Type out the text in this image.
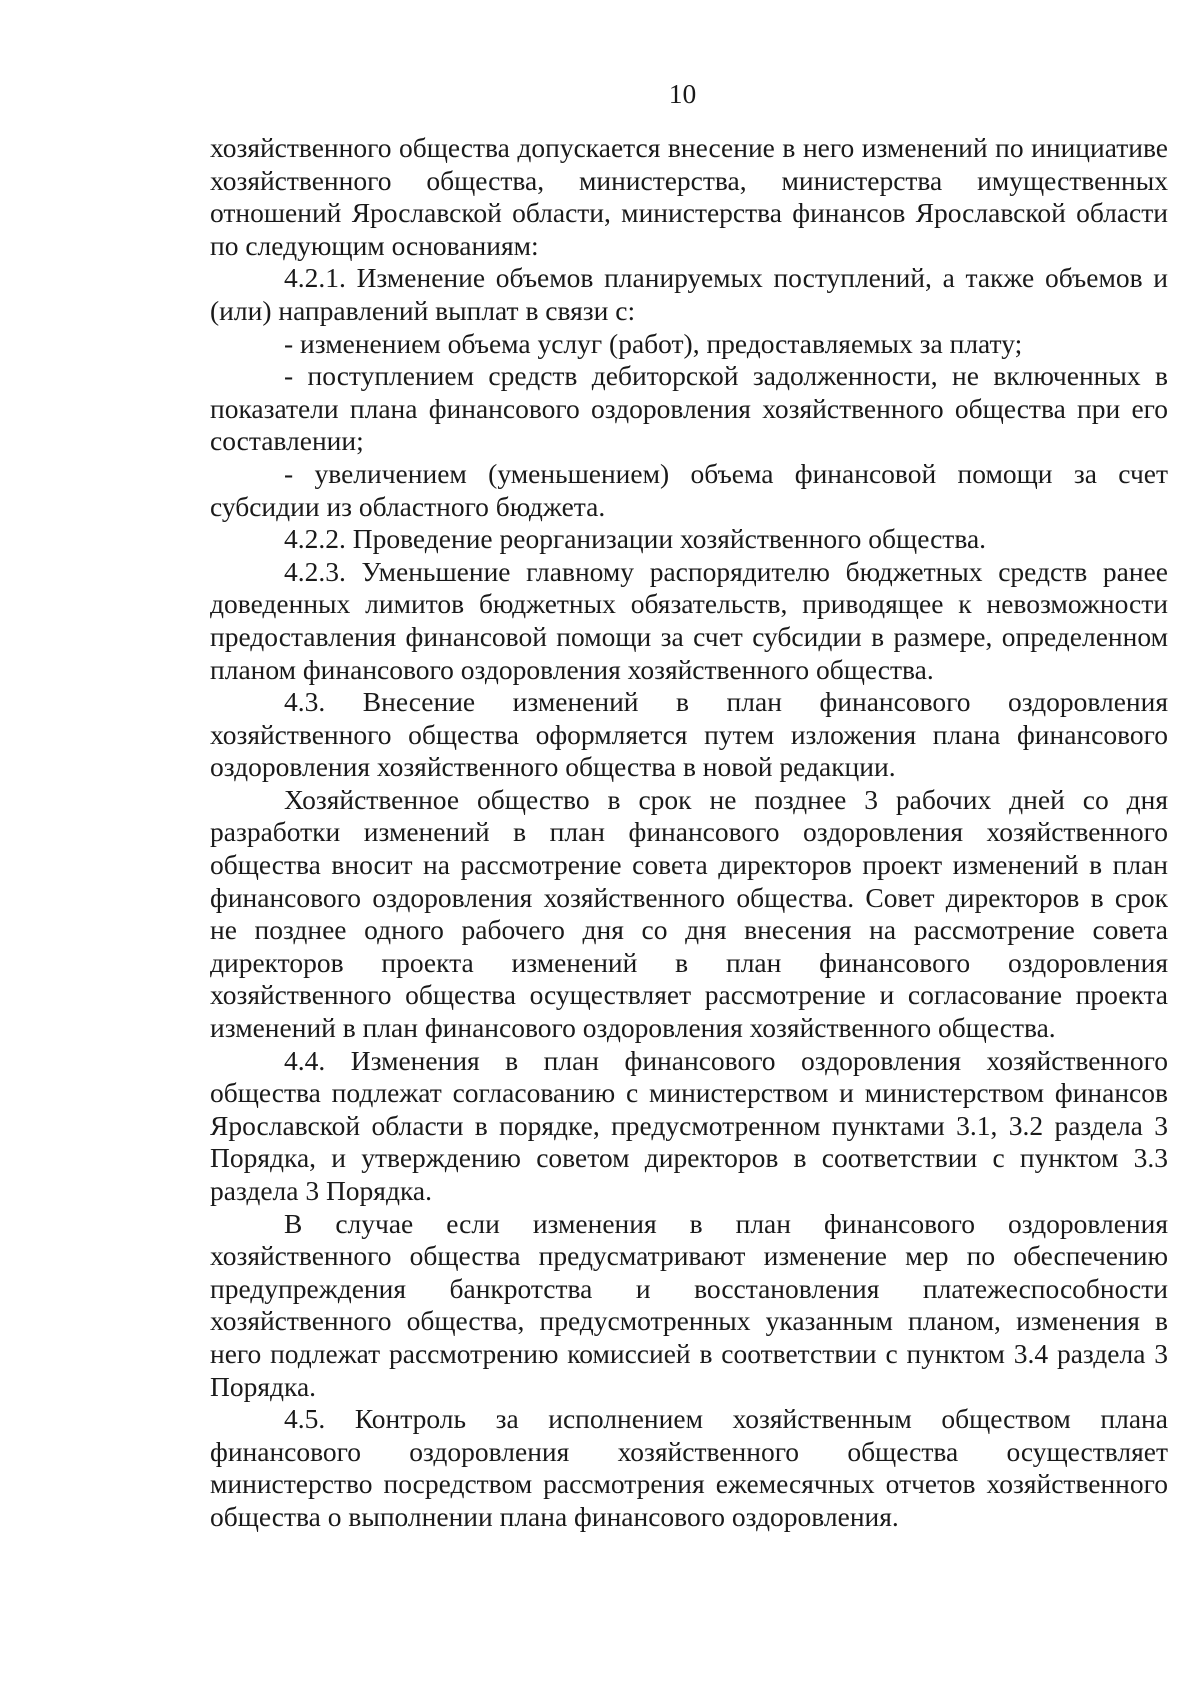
10

хозяйственного общества допускается внесение в него изменений по инициативе хозяйственного общества, министерства, министерства имущественных отношений Ярославской области, министерства финансов Ярославской области по следующим основаниям:

4.2.1. Изменение объемов планируемых поступлений, а также объемов и (или) направлений выплат в связи с:

- изменением объема услуг (работ), предоставляемых за плату;

- поступлением средств дебиторской задолженности, не включенных в показатели плана финансового оздоровления хозяйственного общества при его составлении;

- увеличением (уменьшением) объема финансовой помощи за счет субсидии из областного бюджета.

4.2.2. Проведение реорганизации хозяйственного общества.

4.2.3. Уменьшение главному распорядителю бюджетных средств ранее доведенных лимитов бюджетных обязательств, приводящее к невозможности предоставления финансовой помощи за счет субсидии в размере, определенном планом финансового оздоровления хозяйственного общества.

4.3. Внесение изменений в план финансового оздоровления хозяйственного общества оформляется путем изложения плана финансового оздоровления хозяйственного общества в новой редакции.

Хозяйственное общество в срок не позднее 3 рабочих дней со дня разработки изменений в план финансового оздоровления хозяйственного общества вносит на рассмотрение совета директоров проект изменений в план финансового оздоровления хозяйственного общества. Совет директоров в срок не позднее одного рабочего дня со дня внесения на рассмотрение совета директоров проекта изменений в план финансового оздоровления хозяйственного общества осуществляет рассмотрение и согласование проекта изменений в план финансового оздоровления хозяйственного общества.

4.4. Изменения в план финансового оздоровления хозяйственного общества подлежат согласованию с министерством и министерством финансов Ярославской области в порядке, предусмотренном пунктами 3.1, 3.2 раздела 3 Порядка, и утверждению советом директоров в соответствии с пунктом 3.3 раздела 3 Порядка.

В случае если изменения в план финансового оздоровления хозяйственного общества предусматривают изменение мер по обеспечению предупреждения банкротства и восстановления платежеспособности хозяйственного общества, предусмотренных указанным планом, изменения в него подлежат рассмотрению комиссией в соответствии с пунктом 3.4 раздела 3 Порядка.

4.5. Контроль за исполнением хозяйственным обществом плана финансового оздоровления хозяйственного общества осуществляет министерство посредством рассмотрения ежемесячных отчетов хозяйственного общества о выполнении плана финансового оздоровления.
